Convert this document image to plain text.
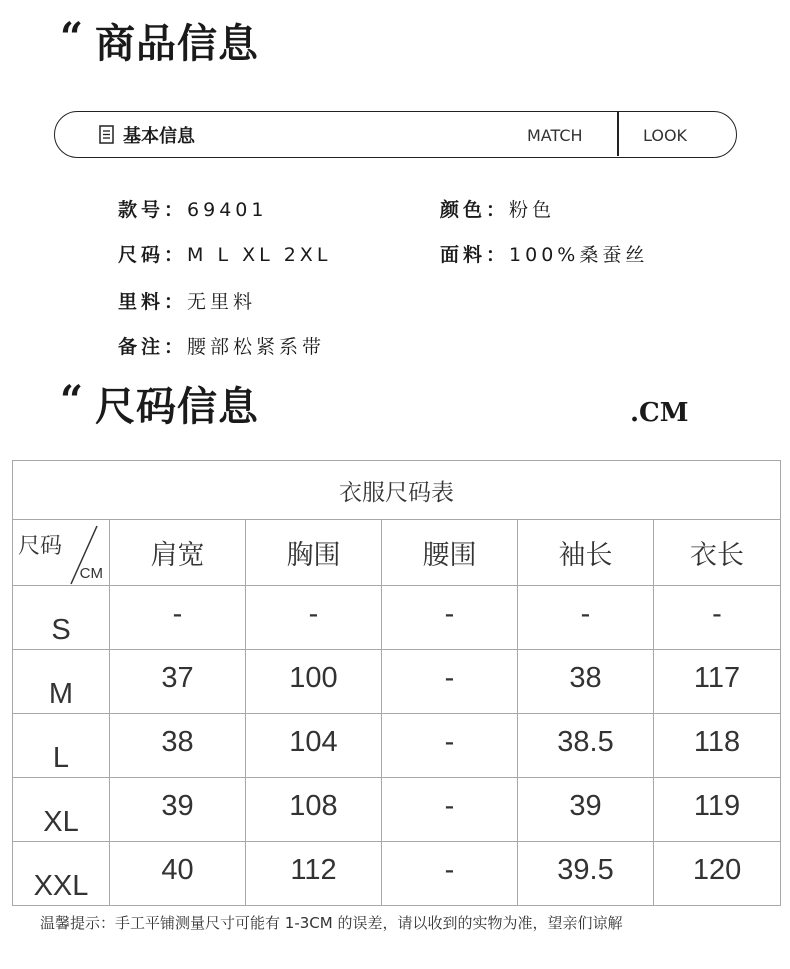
“ 商品信息
基本信息	MATCH	LOOK
款号：69401	颜色：粉色
尺码：M L XL 2XL	面料：100%桑蚕丝
里料：无里料
备注：腰部松紧系带
“ 尺码信息	.CM
衣服尺码表					

尺码
CM	肩宽	胸围	腰围	袖长	衣长
S	-	-	-	-	-
M	37	100	-	38	117
L	38	104	-	38.5	118
XL	39	108	-	39	119
XXL	40	112	-	39.5	120
温馨提示：手工平铺测量尺寸可能有 1-3CM 的误差，请以收到的实物为准，望亲们谅解
